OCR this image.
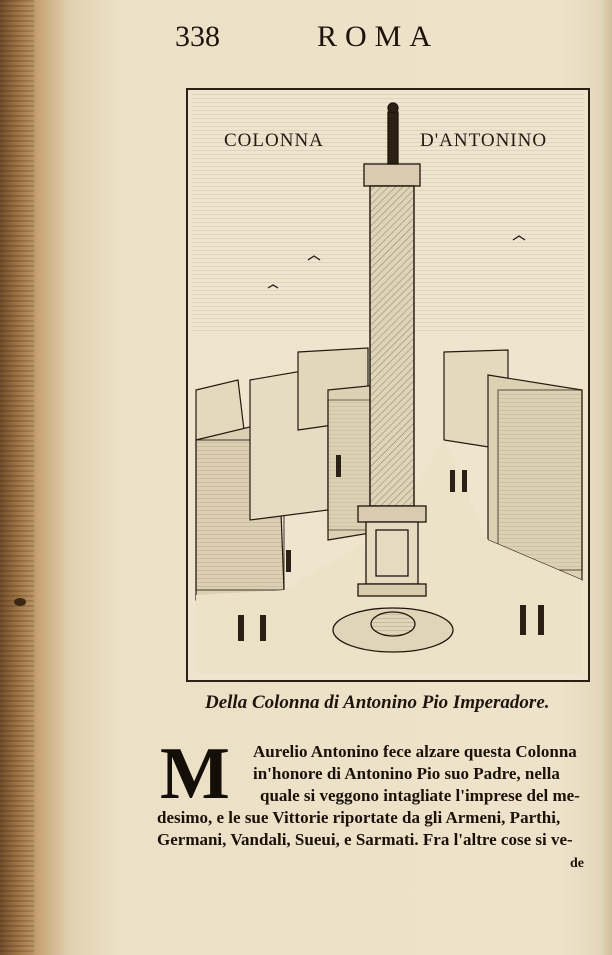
338	ROMA
COLONNA	D'ANTONINO
Della Colonna di Antonino Pio Imperadore.
M Aurelio Antonino fece alzare questa Colonna
in'honore di Antonino Pio suo Padre, nella
quale si veggono intagliate l'imprese del me-
desimo, e le sue Vittorie riportate da gli Armeni, Parthi,
Germani, Vandali, Sueui, e Sarmati. Fra l'altre cose si ve-
de
